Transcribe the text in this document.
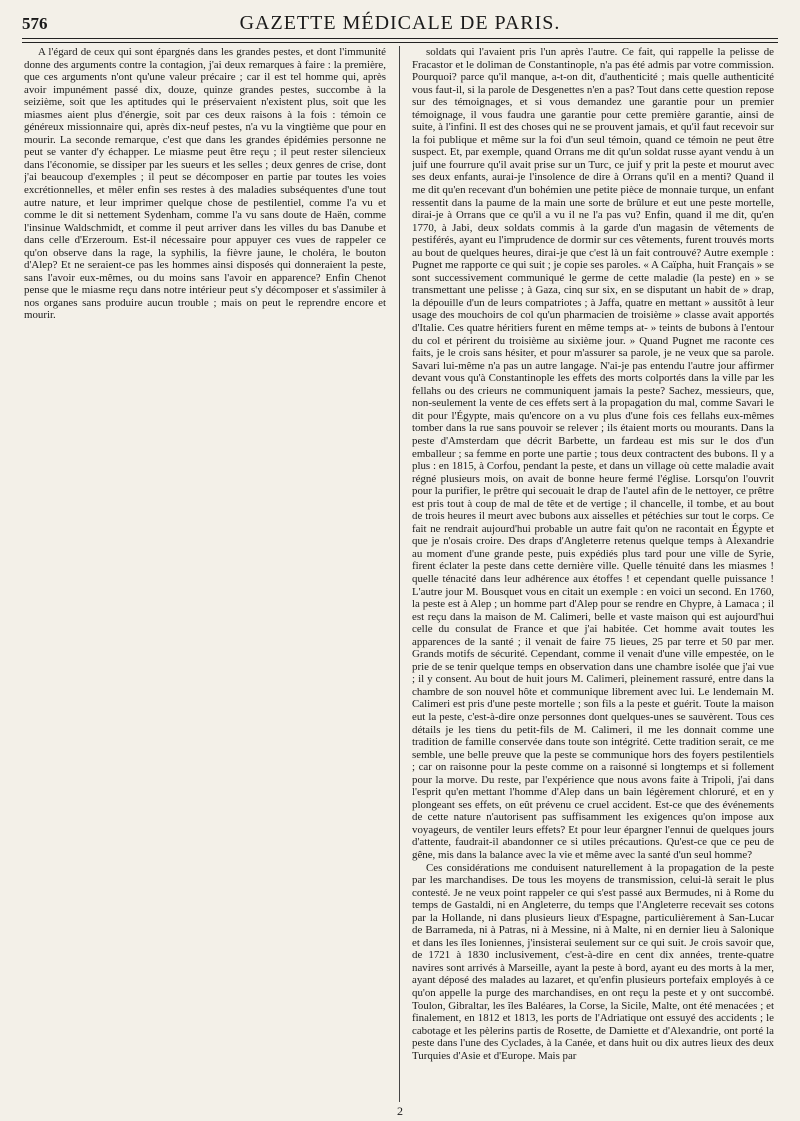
576	GAZETTE MÉDICALE DE PARIS.

A l'égard de ceux qui sont épargnés dans les grandes pestes, et dont l'immunité donne des arguments contre la contagion, j'ai deux remarques à faire : la première, que ces arguments n'ont qu'une valeur précaire ; car il est tel homme qui, après avoir impunément passé dix, douze, quinze grandes pestes, succombe à la seizième, soit que les aptitudes qui le préservaient n'existent plus, soit que les miasmes aient plus d'énergie, soit par ces deux raisons à la fois : témoin ce généreux missionnaire qui, après dix-neuf pestes, n'a vu la vingtième que pour en mourir. La seconde remarque, c'est que dans les grandes épidémies personne ne peut se vanter d'y échapper. Le miasme peut être reçu ; il peut rester silencieux dans l'économie, se dissiper par les sueurs et les selles ; deux genres de crise, dont j'ai beaucoup d'exemples ; il peut se décomposer en partie par toutes les voies excrétionnelles, et mêler enfin ses restes à des maladies subséquentes d'une tout autre nature, et leur imprimer quelque chose de pestilentiel, comme l'a vu et comme le dit si nettement Sydenham, comme l'a vu sans doute de Haën, comme l'insinue Waldschmidt, et comme il peut arriver dans les villes du bas Danube et dans celle d'Erzeroum. Est-il nécessaire pour appuyer ces vues de rappeler ce qu'on observe dans la rage, la syphilis, la fièvre jaune, le choléra, le bouton d'Alep? Et ne seraient-ce pas les hommes ainsi disposés qui donneraient la peste, sans l'avoir eux-mêmes, ou du moins sans l'avoir en apparence? Enfin Chenot pense que le miasme reçu dans notre intérieur peut s'y décomposer et s'assimiler à nos organes sans produire aucun trouble ; mais on peut le reprendre encore et mourir.

soldats qui l'avaient pris l'un après l'autre. Ce fait, qui rappelle la pelisse de Fracastor et le doliman de Constantinople, n'a pas été admis par votre commission. Pourquoi? parce qu'il manque, a-t-on dit, d'authenticité ; mais quelle authenticité vous faut-il, si la parole de Desgenettes n'en a pas? Tout dans cette question repose sur des témoignages, et si vous demandez une garantie pour un premier témoignage, il vous faudra une garantie pour cette première garantie, ainsi de suite, à l'infini. Il est des choses qui ne se prouvent jamais, et qu'il faut recevoir sur la foi publique et même sur la foi d'un seul témoin, quand ce témoin ne peut être suspect. Et, par exemple, quand Orrans me dit qu'un soldat russe ayant vendu à un juif une fourrure qu'il avait prise sur un Turc, ce juif y prit la peste et mourut avec ses deux enfants, aurai-je l'insolence de dire à Orrans qu'il en a menti? Quand il me dit qu'en recevant d'un bohémien une petite pièce de monnaie turque, un enfant ressentit dans la paume de la main une sorte de brûlure et eut une peste mortelle, dirai-je à Orrans que ce qu'il a vu il ne l'a pas vu? Enfin, quand il me dit, qu'en 1770, à Jabi, deux soldats commis à la garde d'un magasin de vêtements de pestiférés, ayant eu l'imprudence de dormir sur ces vêtements, furent trouvés morts au bout de quelques heures, dirai-je que c'est là un fait controuvé? Autre exemple : Pugnet me rapporte ce qui suit ; je copie ses paroles. « A Caïpha, huit Français » se sont successivement communiqué le germe de cette maladie (la peste) en » se transmettant une pelisse ; à Gaza, cinq sur six, en se disputant un habit de » drap, la dépouille d'un de leurs compatriotes ; à Jaffa, quatre en mettant » aussitôt à leur usage des mouchoirs de col qu'un pharmacien de troisième » classe avait apportés d'Italie. Ces quatre héritiers furent en même temps at- » teints de bubons à l'entour du col et périrent du troisième au sixième jour. » Quand Pugnet me raconte ces faits, je le crois sans hésiter, et pour m'assurer sa parole, je ne veux que sa parole. Savari lui-même n'a pas un autre langage. N'ai-je pas entendu l'autre jour affirmer devant vous qu'à Constantinople les effets des morts colportés dans la ville par les fellahs ou des crieurs ne communiquent jamais la peste? Sachez, messieurs, que, non-seulement la vente de ces effets sert à la propagation du mal, comme Savari le dit pour l'Égypte, mais qu'encore on a vu plus d'une fois ces fellahs eux-mêmes tomber dans la rue sans pouvoir se relever ; ils étaient morts ou mourants. Dans la peste d'Amsterdam que décrit Barbette, un fardeau est mis sur le dos d'un emballeur ; sa femme en porte une partie ; tous deux contractent des bubons. Il y a plus : en 1815, à Corfou, pendant la peste, et dans un village où cette maladie avait régné plusieurs mois, on avait de bonne heure fermé l'église. Lorsqu'on l'ouvrit pour la purifier, le prêtre qui secouait le drap de l'autel afin de le nettoyer, ce prêtre est pris tout à coup de mal de tête et de vertige ; il chancelle, il tombe, et au bout de trois heures il meurt avec bubons aux aisselles et pétéchies sur tout le corps. Ce fait ne rendrait aujourd'hui probable un autre fait qu'on ne racontait en Égypte et que je n'osais croire. Des draps d'Angleterre retenus quelque temps à Alexandrie au moment d'une grande peste, puis expédiés plus tard pour une ville de Syrie, firent éclater la peste dans cette dernière ville. Quelle ténuité dans les miasmes ! quelle ténacité dans leur adhérence aux étoffes ! et cependant quelle puissance ! L'autre jour M. Bousquet vous en citait un exemple : en voici un second. En 1760, la peste est à Alep ; un homme part d'Alep pour se rendre en Chypre, à Lamaca ; il est reçu dans la maison de M. Calimeri, belle et vaste maison qui est aujourd'hui celle du consulat de France et que j'ai habitée. Cet homme avait toutes les apparences de la santé ; il venait de faire 75 lieues, 25 par terre et 50 par mer. Grands motifs de sécurité. Cependant, comme il venait d'une ville empestée, on le prie de se tenir quelque temps en observation dans une chambre isolée que j'ai vue ; il y consent. Au bout de huit jours M. Calimeri, pleinement rassuré, entre dans la chambre de son nouvel hôte et communique librement avec lui. Le lendemain M. Calimeri est pris d'une peste mortelle ; son fils a la peste et guérit. Toute la maison eut la peste, c'est-à-dire onze personnes dont quelques-unes se sauvèrent. Tous ces détails je les tiens du petit-fils de M. Calimeri, il me les donnait comme une tradition de famille conservée dans toute son intégrité. Cette tradition serait, ce me semble, une belle preuve que la peste se communique hors des foyers pestilentiels ; car on raisonne pour la peste comme on a raisonné si longtemps et si follement pour la morve. Du reste, par l'expérience que nous avons faite à Tripoli, j'ai dans l'esprit qu'en mettant l'homme d'Alep dans un bain légèrement chloruré, et en y plongeant ses effets, on eût prévenu ce cruel accident. Est-ce que des événements de cette nature n'autorisent pas suffisamment les exigences qu'on impose aux voyageurs, de ventiler leurs effets? Et pour leur épargner l'ennui de quelques jours d'attente, faudrait-il abandonner ce si utiles précautions. Qu'est-ce que ce peu de gêne, mis dans la balance avec la vie et même avec la santé d'un seul homme?

Ces considérations me conduisent naturellement à la propagation de la peste par les marchandises. De tous les moyens de transmission, celui-là serait le plus contesté. Je ne veux point rappeler ce qui s'est passé aux Bermudes, ni à Rome du temps de Gastaldi, ni en Angleterre, du temps que l'Angleterre recevait ses cotons par la Hollande, ni dans plusieurs lieux d'Espagne, particulièrement à San-Lucar de Barrameda, ni à Patras, ni à Messine, ni à Malte, ni en dernier lieu à Salonique et dans les îles Ioniennes, j'insisterai seulement sur ce qui suit. Je crois savoir que, de 1721 à 1830 inclusivement, c'est-à-dire en cent dix années, trente-quatre navires sont arrivés à Marseille, ayant la peste à bord, ayant eu des morts à la mer, ayant déposé des malades au lazaret, et qu'enfin plusieurs portefaix employés à ce qu'on appelle la purge des marchandises, en ont reçu la peste et y ont succombé. Toulon, Gibraltar, les îles Baléares, la Corse, la Sicile, Malte, ont été menacées ; et finalement, en 1812 et 1813, les ports de l'Adriatique ont essuyé des accidents ; le cabotage et les pèlerins partis de Rosette, de Damiette et d'Alexandrie, ont porté la peste dans l'une des Cyclades, à la Canée, et dans huit ou dix autres lieux des deux Turquies d'Asie et d'Europe. Mais par

2
